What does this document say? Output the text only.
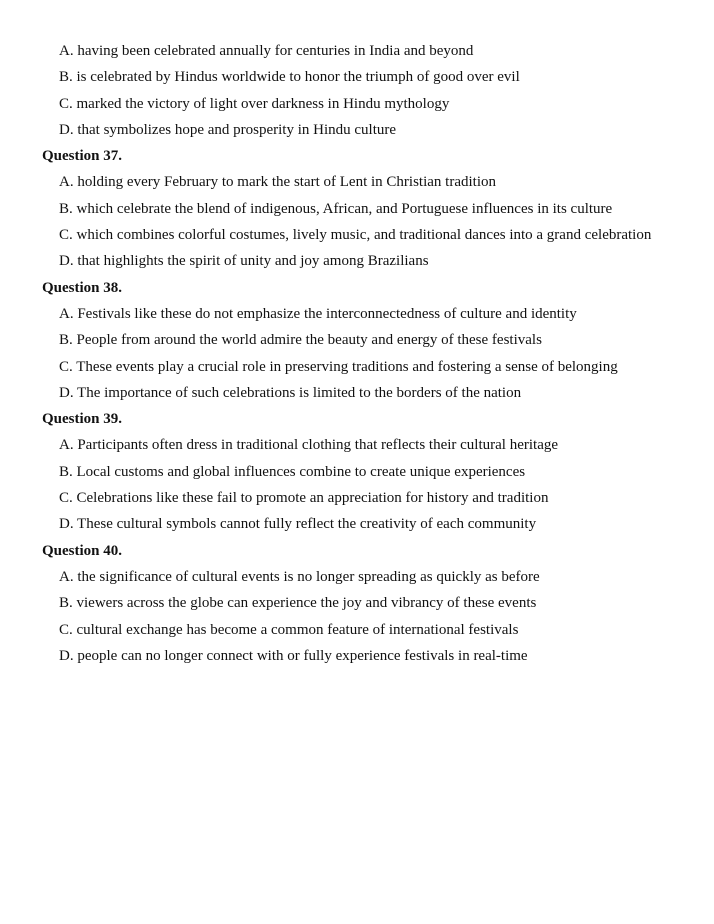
A. having been celebrated annually for centuries in India and beyond
B. is celebrated by Hindus worldwide to honor the triumph of good over evil
C. marked the victory of light over darkness in Hindu mythology
D. that symbolizes hope and prosperity in Hindu culture
Question 37.
A. holding every February to mark the start of Lent in Christian tradition
B. which celebrate the blend of indigenous, African, and Portuguese influences in its culture
C. which combines colorful costumes, lively music, and traditional dances into a grand celebration
D. that highlights the spirit of unity and joy among Brazilians
Question 38.
A. Festivals like these do not emphasize the interconnectedness of culture and identity
B. People from around the world admire the beauty and energy of these festivals
C. These events play a crucial role in preserving traditions and fostering a sense of belonging
D. The importance of such celebrations is limited to the borders of the nation
Question 39.
A. Participants often dress in traditional clothing that reflects their cultural heritage
B. Local customs and global influences combine to create unique experiences
C. Celebrations like these fail to promote an appreciation for history and tradition
D. These cultural symbols cannot fully reflect the creativity of each community
Question 40.
A. the significance of cultural events is no longer spreading as quickly as before
B. viewers across the globe can experience the joy and vibrancy of these events
C. cultural exchange has become a common feature of international festivals
D. people can no longer connect with or fully experience festivals in real-time
